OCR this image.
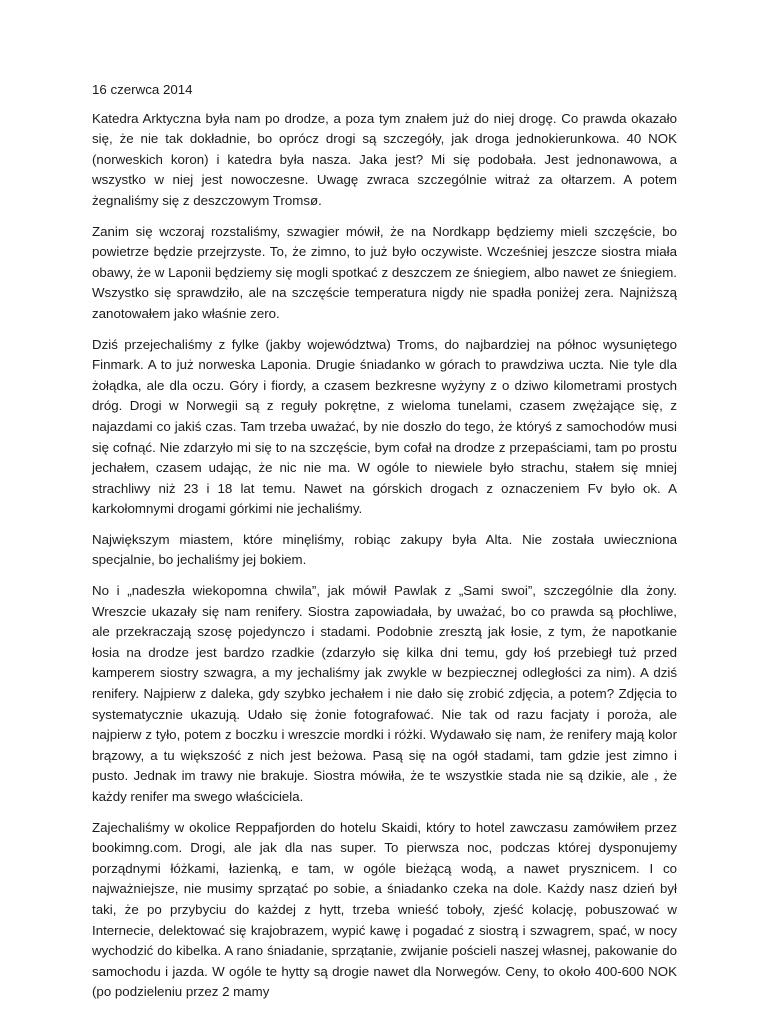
16 czerwca 2014

Katedra Arktyczna była nam po drodze, a poza tym znałem już do niej drogę. Co prawda okazało się, że nie tak dokładnie, bo oprócz drogi są szczegóły, jak droga jednokierunkowa. 40 NOK (norweskich koron) i katedra była nasza. Jaka jest? Mi się podobała. Jest jednonawowa, a wszystko w niej jest nowoczesne. Uwagę zwraca szczególnie witraż za ołtarzem. A potem żegnaliśmy się z deszczowym Tromsø.

Zanim się wczoraj rozstaliśmy, szwagier mówił, że na Nordkapp będziemy mieli szczęście, bo powietrze będzie przejrzyste. To, że zimno, to już było oczywiste. Wcześniej jeszcze siostra miała obawy, że w Laponii będziemy się mogli spotkać z deszczem ze śniegiem, albo nawet ze śniegiem. Wszystko się sprawdziło, ale na szczęście temperatura nigdy nie spadła poniżej zera. Najniższą zanotowałem jako właśnie zero.

Dziś przejechaliśmy z fylke (jakby województwa) Troms, do najbardziej na północ wysuniętego Finmark. A to już norweska Laponia. Drugie śniadanko w górach to prawdziwa uczta. Nie tyle dla żołądka, ale dla oczu. Góry i fiordy, a czasem bezkresne wyżyny z o dziwo kilometrami prostych dróg. Drogi w Norwegii są z reguły pokrętne, z wieloma tunelami, czasem zwężające się, z najazdami co jakiś czas. Tam trzeba uważać, by nie doszło do tego, że któryś z samochodów musi się cofnąć. Nie zdarzyło mi się to na szczęście, bym cofał na drodze z przepaściami, tam po prostu jechałem, czasem udając, że nic nie ma. W ogóle to niewiele było strachu, stałem się mniej strachliwy niż 23 i 18 lat temu. Nawet na górskich drogach z oznaczeniem Fv było ok. A karkołomnymi drogami górkimi nie jechaliśmy.

Największym miastem, które minęliśmy, robiąc zakupy była Alta. Nie została uwieczniona specjalnie, bo jechaliśmy jej bokiem.

No i „nadeszła wiekopomna chwila”, jak mówił Pawlak z „Sami swoi”, szczególnie dla żony. Wreszcie ukazały się nam renifery. Siostra zapowiadała, by uważać, bo co prawda są płochliwe, ale przekraczają szosę pojedynczo i stadami. Podobnie zresztą jak łosie, z tym, że napotkanie łosia na drodze jest bardzo rzadkie (zdarzyło się kilka dni temu, gdy łoś przebiegł tuż przed kamperem siostry szwagra, a my jechaliśmy jak zwykle w bezpiecznej odległości za nim). A dziś renifery. Najpierw z daleka, gdy szybko jechałem i nie dało się zrobić zdjęcia, a potem? Zdjęcia to systematycznie ukazują. Udało się żonie fotografować. Nie tak od razu facjaty i poroża, ale najpierw z tyło, potem z boczku i wreszcie mordki i różki. Wydawało się nam, że renifery mają kolor brązowy, a tu większość z nich jest beżowa. Pasą się na ogół stadami, tam gdzie jest zimno i pusto. Jednak im trawy nie brakuje. Siostra mówiła, że te wszystkie stada nie są dzikie, ale , że każdy renifer ma swego właściciela.

Zajechaliśmy w okolice Reppafjorden do hotelu Skaidi, który to hotel zawczasu zamówiłem przez bookimng.com. Drogi, ale jak dla nas super. To pierwsza noc, podczas której dysponujemy porządnymi łóżkami, łazienką, e tam, w ogóle bieżącą wodą, a nawet prysznicem. I co najważniejsze, nie musimy sprzątać po sobie, a śniadanko czeka na dole. Każdy nasz dzień był taki, że po przybyciu do każdej z hytt, trzeba wnieść toboły, zjeść kolację, pobuszować w Internecie, delektować się krajobrazem, wypić kawę i pogadać z siostrą i szwagrem, spać, w nocy wychodzić do kibelka. A rano śniadanie, sprzątanie, zwijanie pościeli naszej własnej, pakowanie do samochodu i jazda. W ogóle te hytty są drogie nawet dla Norwegów. Ceny, to około 400-600 NOK (po podzieleniu przez 2 mamy
